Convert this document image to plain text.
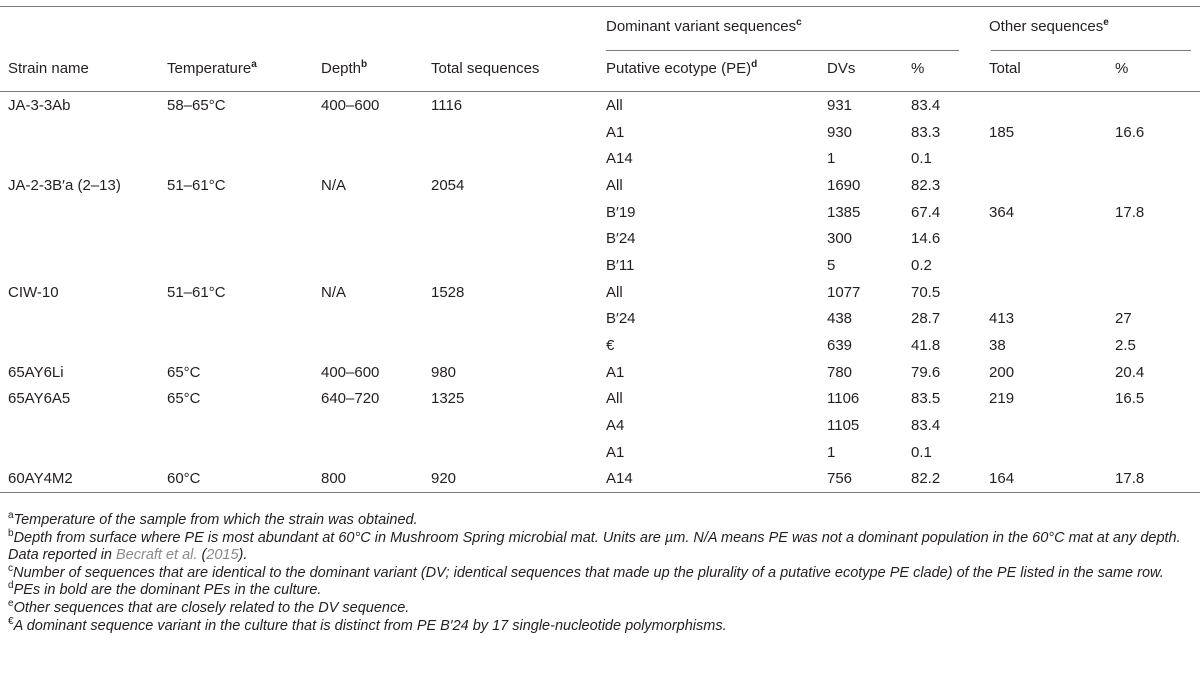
				Dominant variant sequences$^c$			Other sequences$^e$
Strain name	Temperature$^a$	Depth$^b$	Total sequences	Putative ecotype (PE)$^d$	DVs	%	Total	%
JA-3-3Ab	58–65°C	400–600	1116	All	931	83.4		
				A1	930	83.3	185	16.6
				A14	1	0.1		
JA-2-3B′a (2–13)	51–61°C	N/A	2054	All	1690	82.3		
				B′19	1385	67.4	364	17.8
				B′24	300	14.6		
				B′11	5	0.2		
CIW-10	51–61°C	N/A	1528	All	1077	70.5		
				B′24	438	28.7	413	27
				€	639	41.8	38	2.5
65AY6Li	65°C	400–600	980	A1	780	79.6	200	20.4
65AY6A5	65°C	640–720	1325	All	1106	83.5	219	16.5
				A4	1105	83.4		
				A1	1	0.1		
60AY4M2	60°C	800	920	A14	756	82.2	164	17.8

$^a$Temperature of the sample from which the strain was obtained.

$^b$Depth from surface where PE is most abundant at 60°C in Mushroom Spring microbial mat. Units are µm. N/A means PE was not a dominant population in the 60°C mat at any depth. Data reported in Becraft et al. (2015).

$^c$Number of sequences that are identical to the dominant variant (DV; identical sequences that made up the plurality of a putative ecotype PE clade) of the PE listed in the same row.

$^d$PEs in bold are the dominant PEs in the culture.

$^e$Other sequences that are closely related to the DV sequence.

€A dominant sequence variant in the culture that is distinct from PE B′24 by 17 single-nucleotide polymorphisms.
